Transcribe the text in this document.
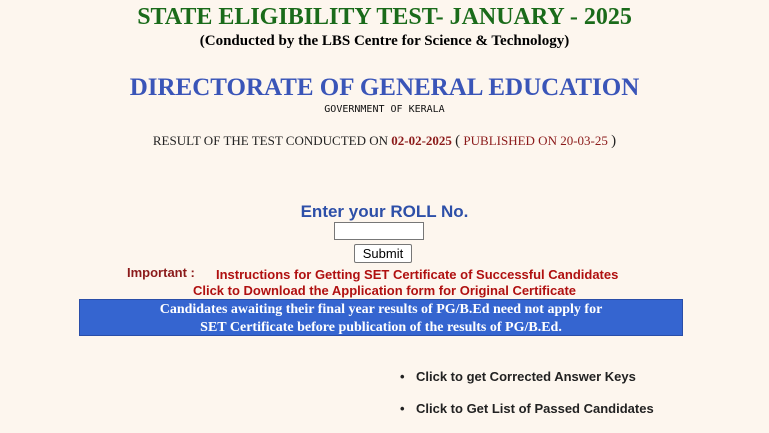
STATE ELIGIBILITY TEST- JANUARY - 2025
(Conducted by the LBS Centre for Science & Technology)
DIRECTORATE OF GENERAL EDUCATION
GOVERNMENT OF KERALA
RESULT OF THE TEST CONDUCTED ON 02-02-2025 ( PUBLISHED ON 20-03-25 )
Enter your ROLL No.
Submit
Important : Instructions for Getting SET Certificate of Successful Candidates
Click to Download the Application form for Original Certificate
Candidates awaiting their final year results of PG/B.Ed need not apply for
SET Certificate before publication of the results of PG/B.Ed.
• Click to get Corrected Answer Keys
• Click to Get List of Passed Candidates
